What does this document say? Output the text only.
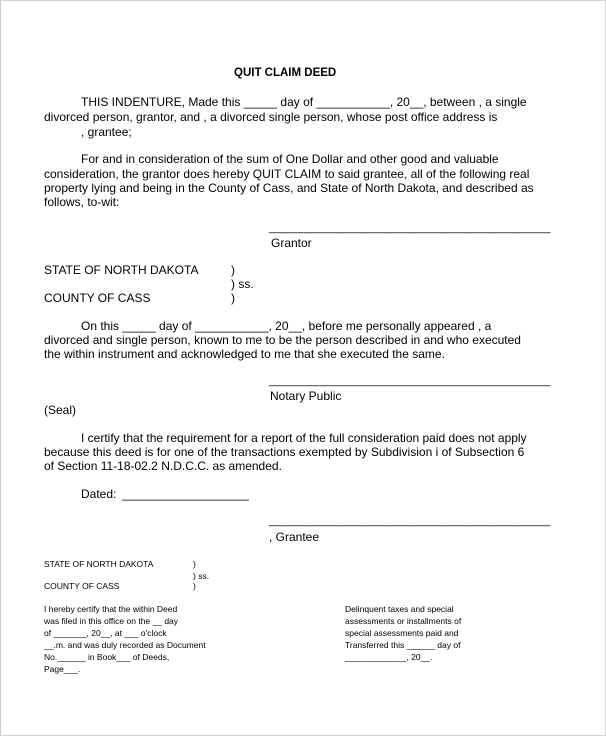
QUIT CLAIM DEED
THIS INDENTURE, Made this _____ day of ___________, 20__, between , a single
divorced person, grantor, and , a divorced single person, whose post office address is
, grantee;
For and in consideration of the sum of One Dollar and other good and valuable
consideration, the grantor does hereby QUIT CLAIM to said grantee, all of the following real
property lying and being in the County of Cass, and State of North Dakota, and described as
follows, to-wit:
______________________________________________
Grantor
STATE OF NORTH DAKOTA	)
) ss.
COUNTY OF CASS	)
On this _____ day of ___________, 20__, before me personally appeared , a
divorced and single person, known to me to be the person described in and who executed
the within instrument and acknowledged to me that she executed the same.
______________________________________________
Notary Public
(Seal)
I certify that the requirement for a report of the full consideration paid does not apply
because this deed is for one of the transactions exempted by Subdivision i of Subsection 6
of Section 11-18-02.2 N.D.C.C. as amended.
Dated: ___________________
______________________________________________
, Grantee
STATE OF NORTH DAKOTA	)
) ss.
COUNTY OF CASS	)
I hereby certify that the within Deed
was filed in this office on the __ day
of _______, 20__, at ___ o'clock
__.m. and was duly recorded as Document
No.______ in Book___ of Deeds,
Page___.
Delinquent taxes and special
assessments or installments of
special assessments paid and
Transferred this ______ day of
_____________, 20__.
